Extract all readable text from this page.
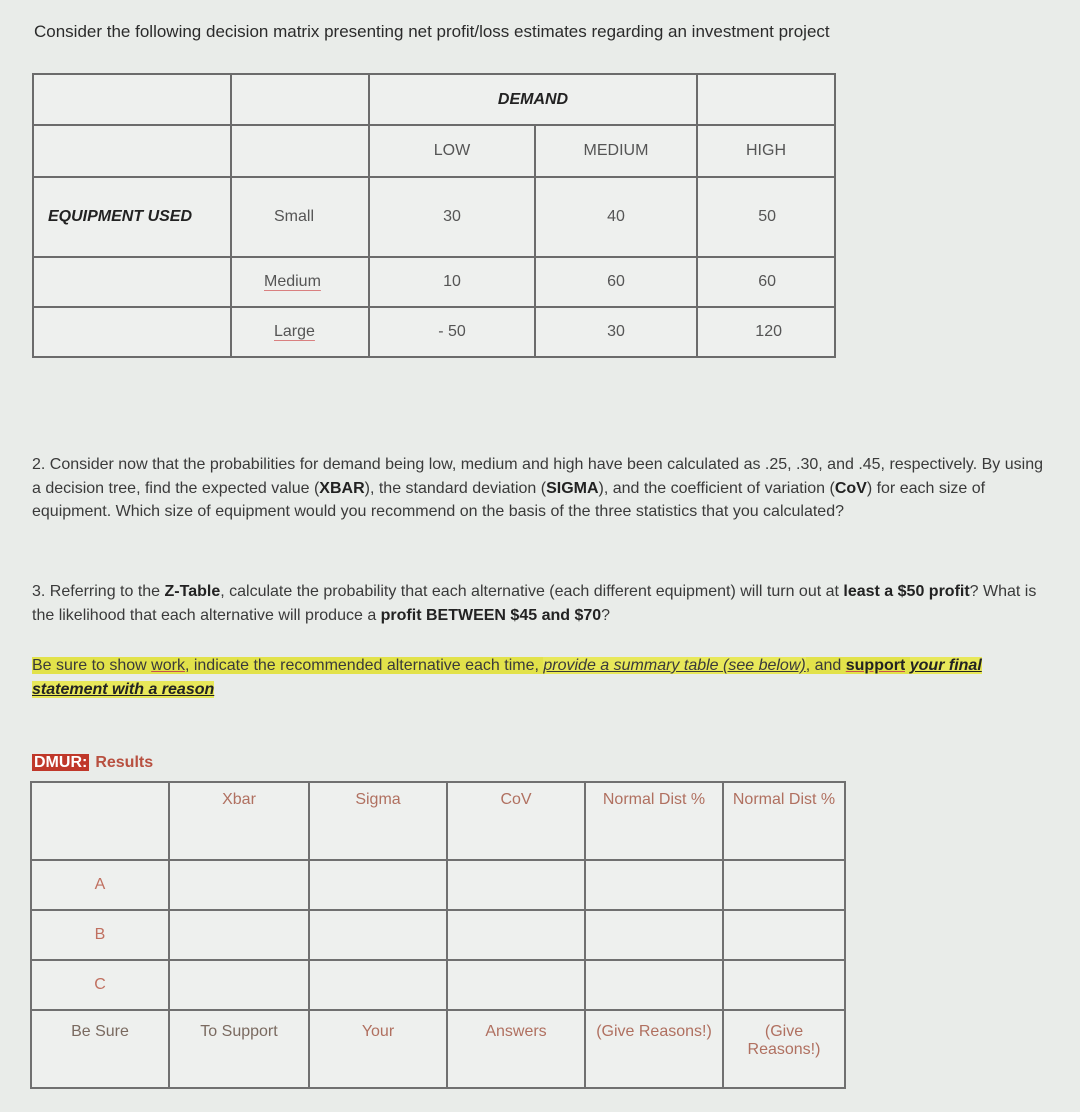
Consider the following decision matrix presenting net profit/loss estimates regarding an investment project

		DEMAND		
		LOW	MEDIUM	HIGH
EQUIPMENT USED	Small	30	40	50
	Medium	10	60	60
	Large	- 50	30	120

2. Consider now that the probabilities for demand being low, medium and high have been calculated as .25, .30, and .45, respectively. By using a decision tree, find the expected value (XBAR), the standard deviation (SIGMA), and the coefficient of variation (CoV) for each size of equipment. Which size of equipment would you recommend on the basis of the three statistics that you calculated?

3. Referring to the Z-Table, calculate the probability that each alternative (each different equipment) will turn out at least a $50 profit? What is the likelihood that each alternative will produce a profit BETWEEN $45 and $70?

Be sure to show work, indicate the recommended alternative each time, provide a summary table (see below), and support your final statement with a reason

DMUR: Results
	Xbar	Sigma	CoV	Normal Dist %	Normal Dist %
A					
B					
C					
Be Sure	To Support	Your	Answers	(Give Reasons!)	(Give Reasons!)
